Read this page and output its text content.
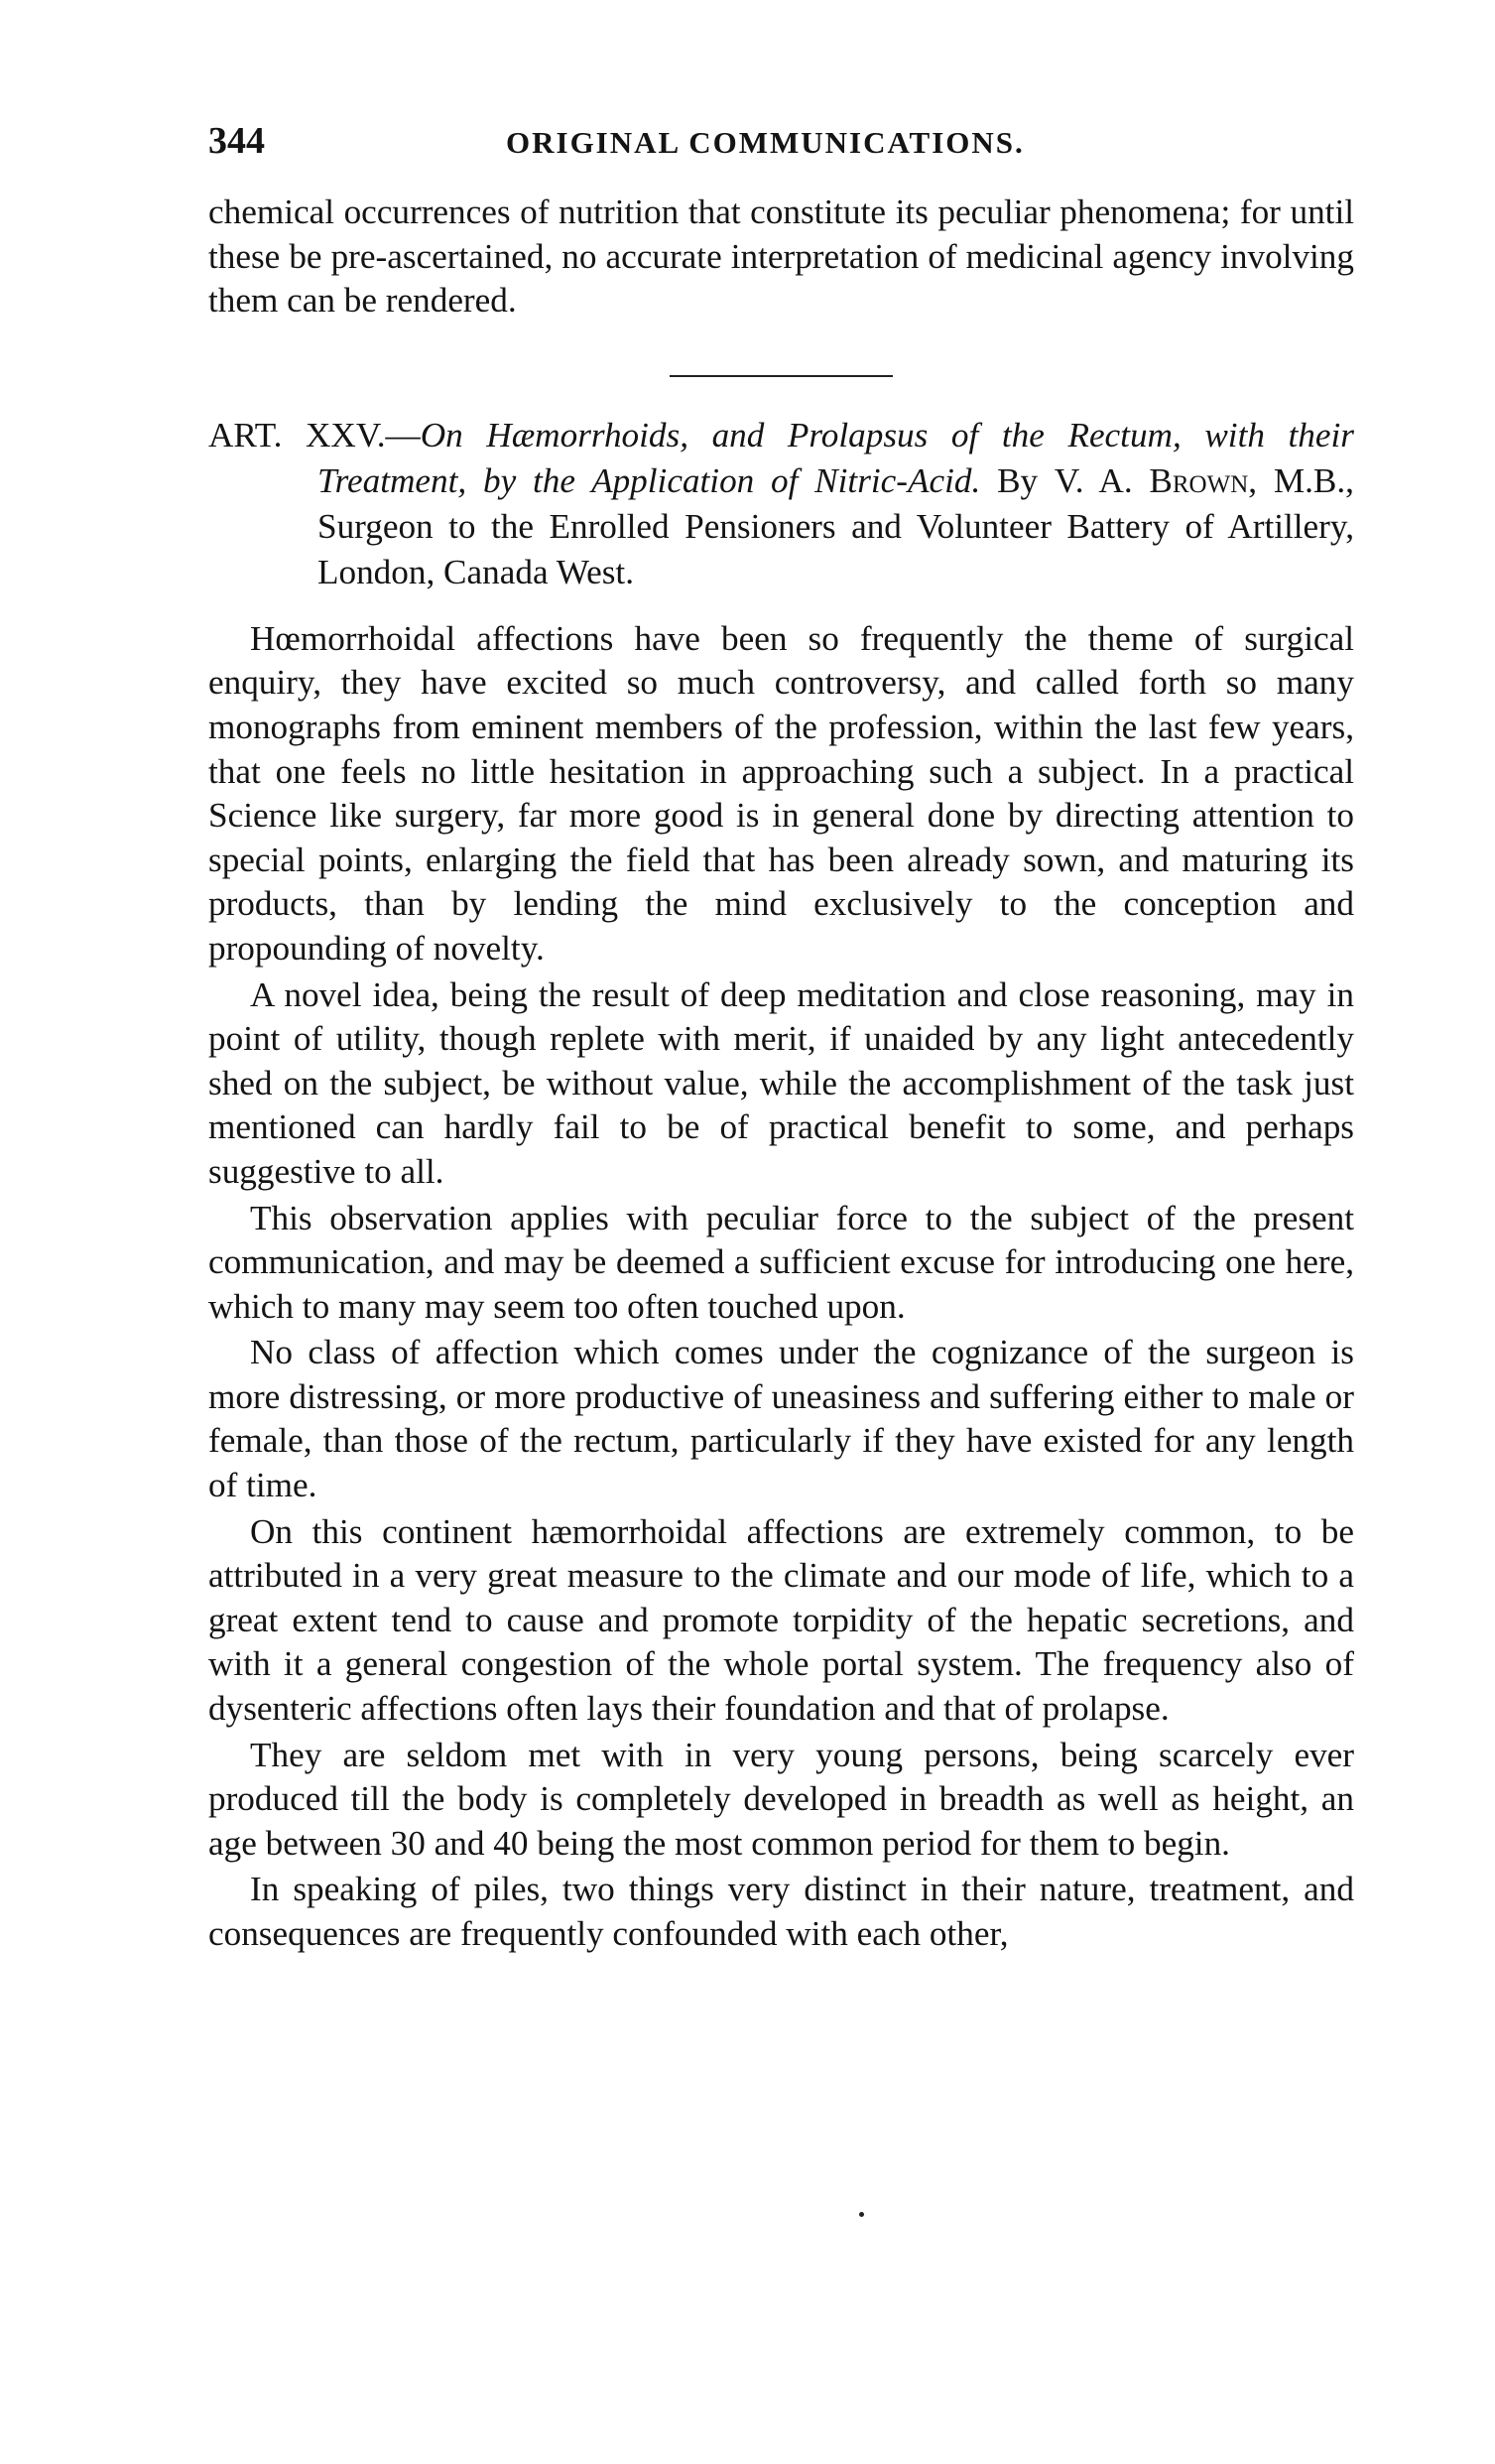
344	ORIGINAL COMMUNICATIONS.

chemical occurrences of nutrition that constitute its peculiar phenomena; for until these be pre-ascertained, no accurate interpretation of medicinal agency involving them can be rendered.

ART. XXV.—On Hæmorrhoids, and Prolapsus of the Rectum, with their Treatment, by the Application of Nitric-Acid. By V. A. Brown, M.B., Surgeon to the Enrolled Pensioners and Volunteer Battery of Artillery, London, Canada West.

Hœmorrhoidal affections have been so frequently the theme of surgical enquiry, they have excited so much controversy, and called forth so many monographs from eminent members of the profession, within the last few years, that one feels no little hesitation in approaching such a subject. In a practical Science like surgery, far more good is in general done by directing attention to special points, enlarging the field that has been already sown, and maturing its products, than by lending the mind exclusively to the conception and propounding of novelty.

A novel idea, being the result of deep meditation and close reasoning, may in point of utility, though replete with merit, if unaided by any light antecedently shed on the subject, be without value, while the accomplishment of the task just mentioned can hardly fail to be of practical benefit to some, and perhaps suggestive to all.

This observation applies with peculiar force to the subject of the present communication, and may be deemed a sufficient excuse for introducing one here, which to many may seem too often touched upon.

No class of affection which comes under the cognizance of the surgeon is more distressing, or more productive of uneasiness and suffering either to male or female, than those of the rectum, particularly if they have existed for any length of time.

On this continent hæmorrhoidal affections are extremely common, to be attributed in a very great measure to the climate and our mode of life, which to a great extent tend to cause and promote torpidity of the hepatic secretions, and with it a general congestion of the whole portal system. The frequency also of dysenteric affections often lays their foundation and that of prolapse.

They are seldom met with in very young persons, being scarcely ever produced till the body is completely developed in breadth as well as height, an age between 30 and 40 being the most common period for them to begin.

In speaking of piles, two things very distinct in their nature, treatment, and consequences are frequently confounded with each other,
